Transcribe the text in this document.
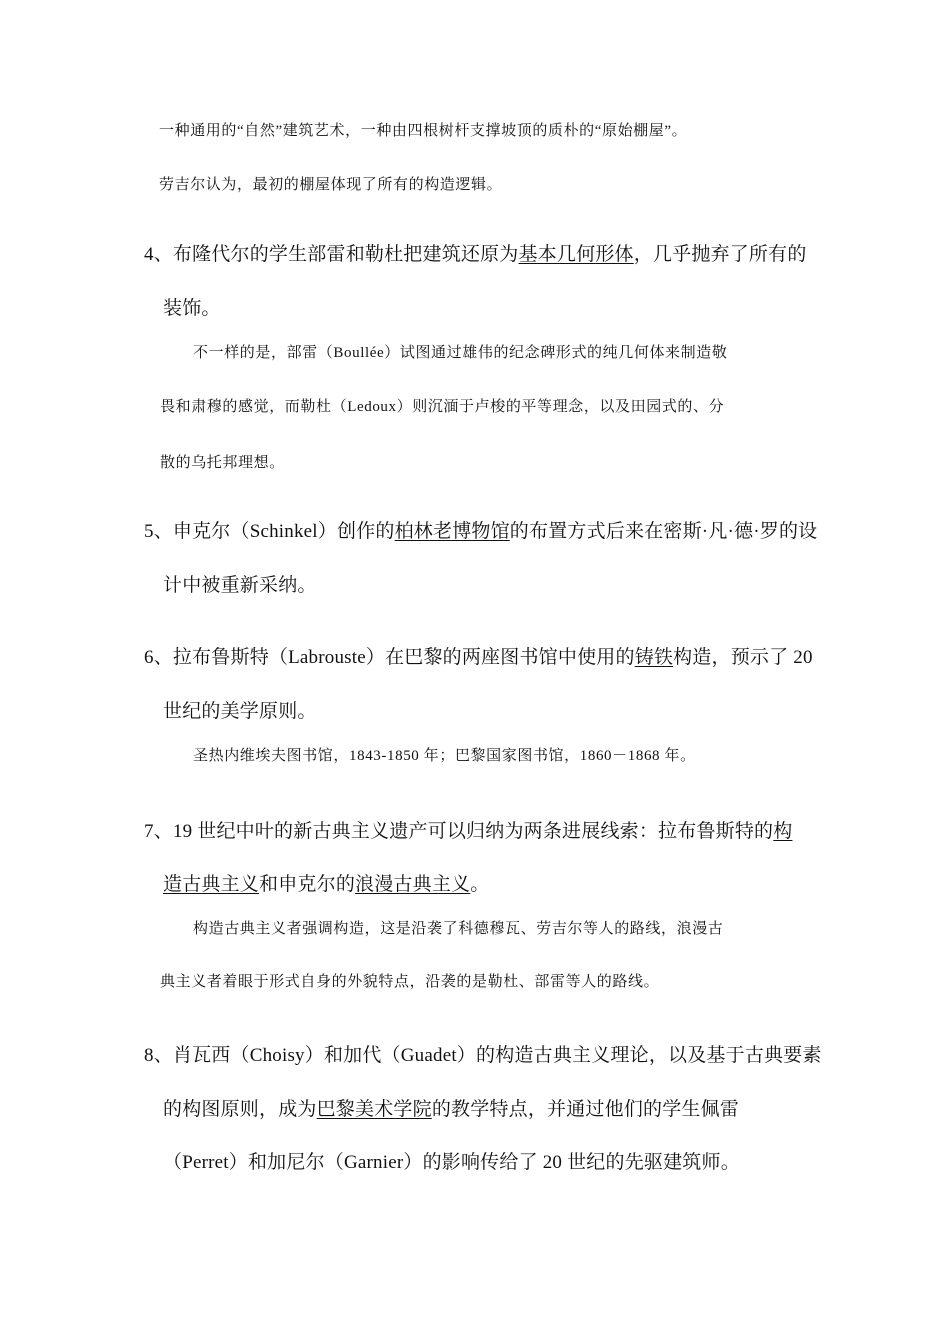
一种通用的“自然”建筑艺术，一种由四根树杆支撑坡顶的质朴的“原始棚屋”。
劳吉尔认为，最初的棚屋体现了所有的构造逻辑。
4、布隆代尔的学生部雷和勒杜把建筑还原为基本几何形体，几乎抛弃了所有的
装饰。
不一样的是，部雷（Boullée）试图通过雄伟的纪念碑形式的纯几何体来制造敬
畏和肃穆的感觉，而勒杜（Ledoux）则沉湎于卢梭的平等理念，以及田园式的、分
散的乌托邦理想。
5、申克尔（Schinkel）创作的柏林老博物馆的布置方式后来在密斯·凡·德·罗的设
计中被重新采纳。
6、拉布鲁斯特（Labrouste）在巴黎的两座图书馆中使用的铸铁构造，预示了 20
世纪的美学原则。
圣热内维埃夫图书馆，1843-1850 年；巴黎国家图书馆，1860－1868 年。
7、19 世纪中叶的新古典主义遗产可以归纳为两条进展线索：拉布鲁斯特的构
造古典主义和申克尔的浪漫古典主义。
构造古典主义者强调构造，这是沿袭了科德穆瓦、劳吉尔等人的路线，浪漫古
典主义者着眼于形式自身的外貌特点，沿袭的是勒杜、部雷等人的路线。
8、肖瓦西（Choisy）和加代（Guadet）的构造古典主义理论，以及基于古典要素
的构图原则，成为巴黎美术学院的教学特点，并通过他们的学生佩雷
（Perret）和加尼尔（Garnier）的影响传给了 20 世纪的先驱建筑师。
